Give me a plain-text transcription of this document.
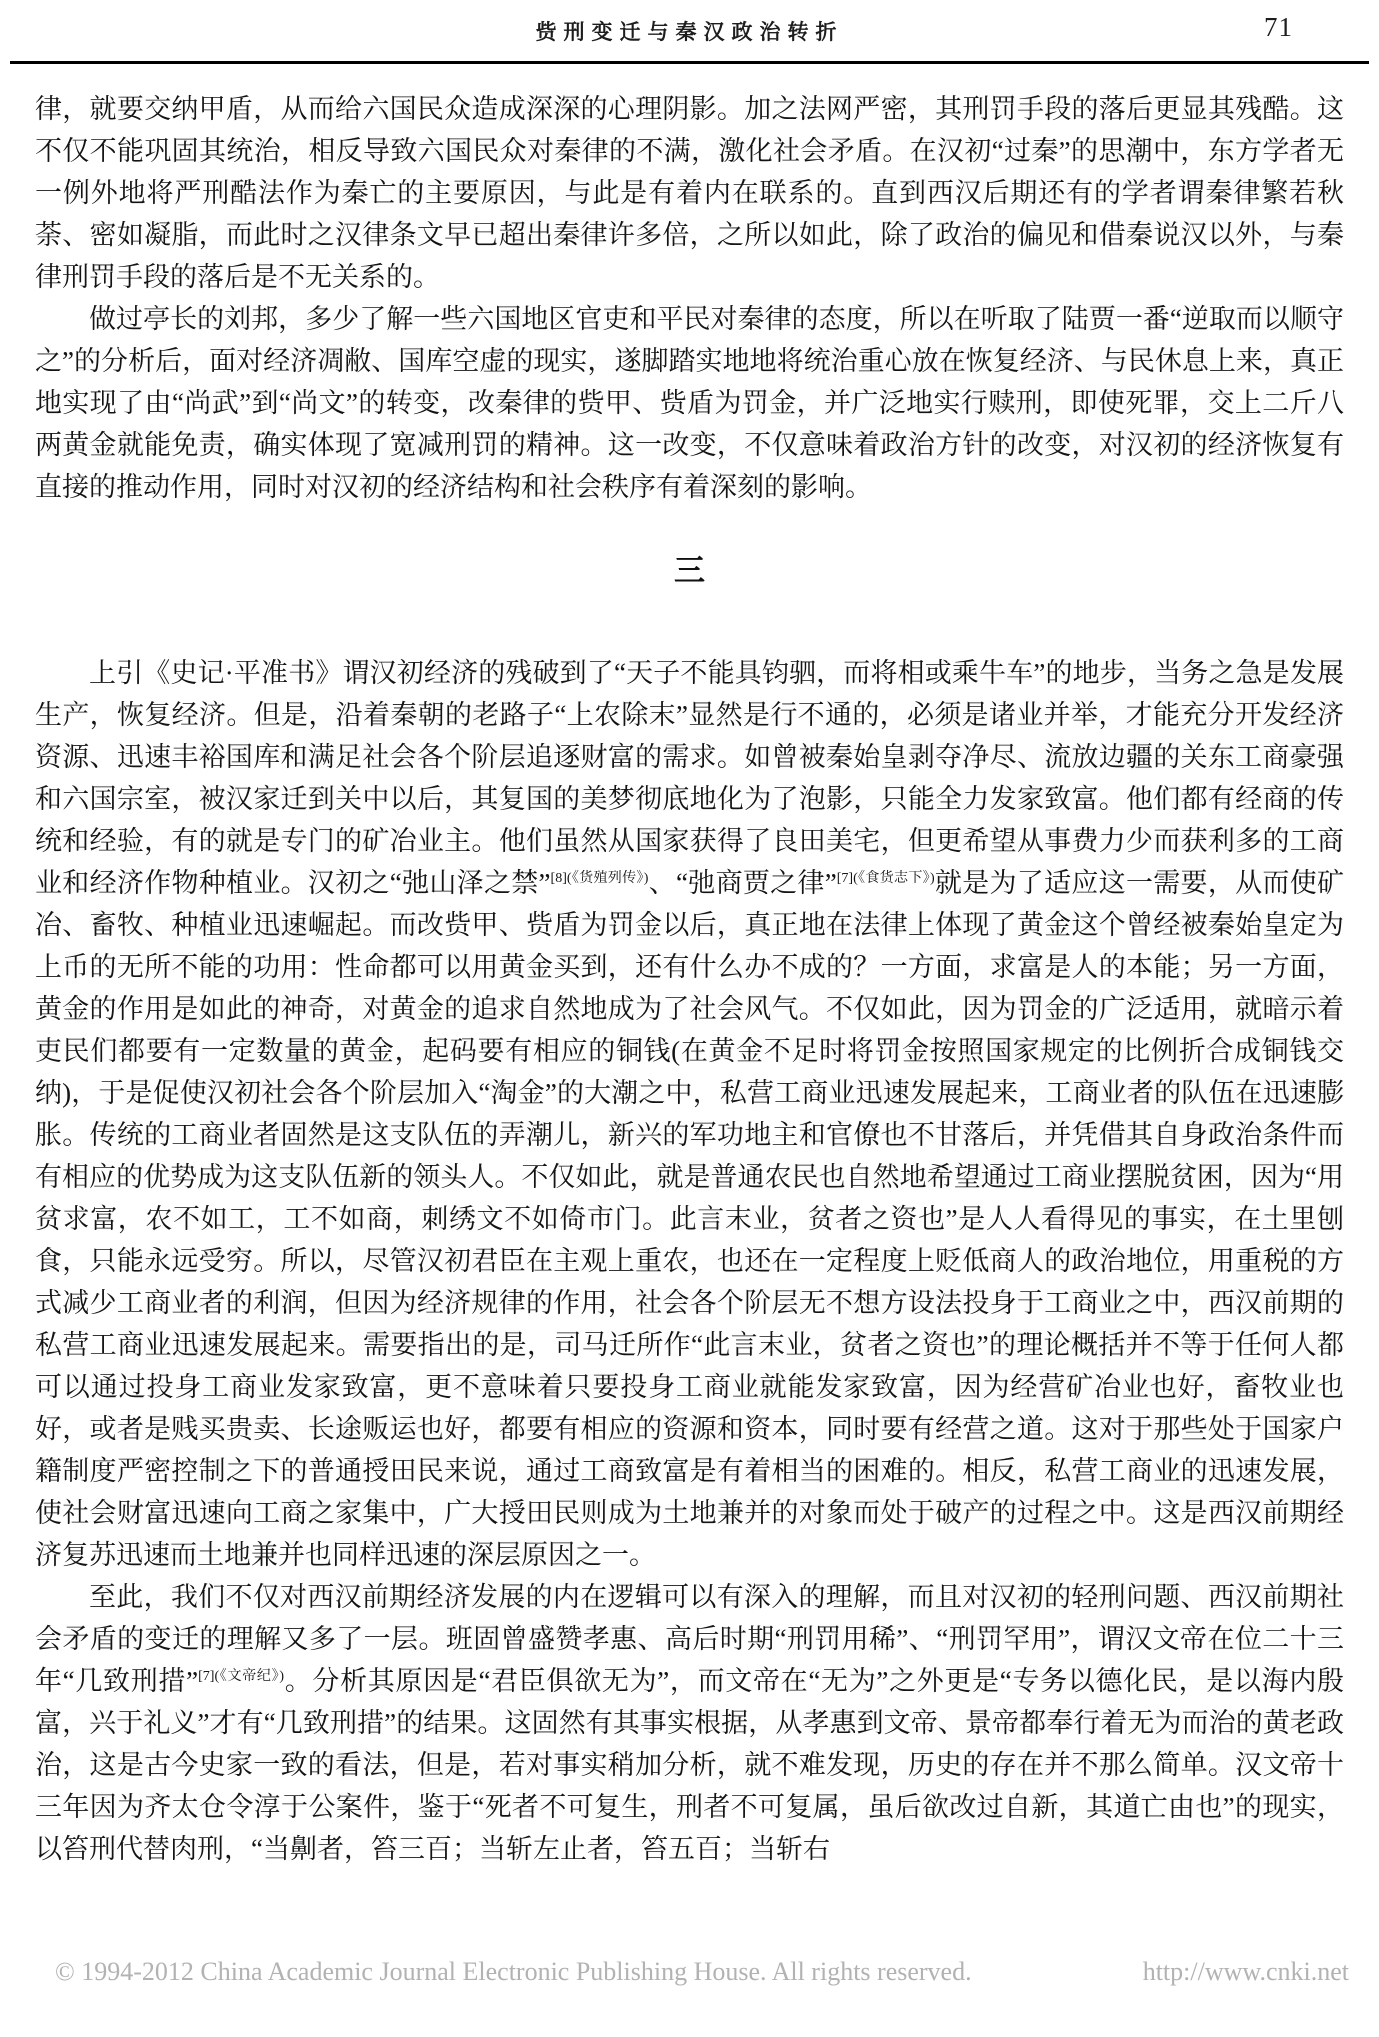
赀刑变迁与秦汉政治转折	71

律，就要交纳甲盾，从而给六国民众造成深深的心理阴影。加之法网严密，其刑罚手段的落后更显其残酷。这不仅不能巩固其统治，相反导致六国民众对秦律的不满，激化社会矛盾。在汉初“过秦”的思潮中，东方学者无一例外地将严刑酷法作为秦亡的主要原因，与此是有着内在联系的。直到西汉后期还有的学者谓秦律繁若秋荼、密如凝脂，而此时之汉律条文早已超出秦律许多倍，之所以如此，除了政治的偏见和借秦说汉以外，与秦律刑罚手段的落后是不无关系的。

做过亭长的刘邦，多少了解一些六国地区官吏和平民对秦律的态度，所以在听取了陆贾一番“逆取而以顺守之”的分析后，面对经济凋敝、国库空虚的现实，遂脚踏实地地将统治重心放在恢复经济、与民休息上来，真正地实现了由“尚武”到“尚文”的转变，改秦律的赀甲、赀盾为罚金，并广泛地实行赎刑，即使死罪，交上二斤八两黄金就能免责，确实体现了宽减刑罚的精神。这一改变，不仅意味着政治方针的改变，对汉初的经济恢复有直接的推动作用，同时对汉初的经济结构和社会秩序有着深刻的影响。

三

上引《史记·平准书》谓汉初经济的残破到了“天子不能具钧驷，而将相或乘牛车”的地步，当务之急是发展生产，恢复经济。但是，沿着秦朝的老路子“上农除末”显然是行不通的，必须是诸业并举，才能充分开发经济资源、迅速丰裕国库和满足社会各个阶层追逐财富的需求。如曾被秦始皇剥夺净尽、流放边疆的关东工商豪强和六国宗室，被汉家迁到关中以后，其复国的美梦彻底地化为了泡影，只能全力发家致富。他们都有经商的传统和经验，有的就是专门的矿冶业主。他们虽然从国家获得了良田美宅，但更希望从事费力少而获利多的工商业和经济作物种植业。汉初之“弛山泽之禁”$^{[8](《货殖列传》)}$、“弛商贾之律”$^{[7](《食货志下》)}$就是为了适应这一需要，从而使矿冶、畜牧、种植业迅速崛起。而改赀甲、赀盾为罚金以后，真正地在法律上体现了黄金这个曾经被秦始皇定为上币的无所不能的功用：性命都可以用黄金买到，还有什么办不成的？一方面，求富是人的本能；另一方面，黄金的作用是如此的神奇，对黄金的追求自然地成为了社会风气。不仅如此，因为罚金的广泛适用，就暗示着吏民们都要有一定数量的黄金，起码要有相应的铜钱(在黄金不足时将罚金按照国家规定的比例折合成铜钱交纳)，于是促使汉初社会各个阶层加入“淘金”的大潮之中，私营工商业迅速发展起来，工商业者的队伍在迅速膨胀。传统的工商业者固然是这支队伍的弄潮儿，新兴的军功地主和官僚也不甘落后，并凭借其自身政治条件而有相应的优势成为这支队伍新的领头人。不仅如此，就是普通农民也自然地希望通过工商业摆脱贫困，因为“用贫求富，农不如工，工不如商，刺绣文不如倚市门。此言末业，贫者之资也”是人人看得见的事实，在土里刨食，只能永远受穷。所以，尽管汉初君臣在主观上重农，也还在一定程度上贬低商人的政治地位，用重税的方式减少工商业者的利润，但因为经济规律的作用，社会各个阶层无不想方设法投身于工商业之中，西汉前期的私营工商业迅速发展起来。需要指出的是，司马迁所作“此言末业，贫者之资也”的理论概括并不等于任何人都可以通过投身工商业发家致富，更不意味着只要投身工商业就能发家致富，因为经营矿冶业也好，畜牧业也好，或者是贱买贵卖、长途贩运也好，都要有相应的资源和资本，同时要有经营之道。这对于那些处于国家户籍制度严密控制之下的普通授田民来说，通过工商致富是有着相当的困难的。相反，私营工商业的迅速发展，使社会财富迅速向工商之家集中，广大授田民则成为土地兼并的对象而处于破产的过程之中。这是西汉前期经济复苏迅速而土地兼并也同样迅速的深层原因之一。

至此，我们不仅对西汉前期经济发展的内在逻辑可以有深入的理解，而且对汉初的轻刑问题、西汉前期社会矛盾的变迁的理解又多了一层。班固曾盛赞孝惠、高后时期“刑罚用稀”、“刑罚罕用”，谓汉文帝在位二十三年“几致刑措”$^{[7](《文帝纪》)}$。分析其原因是“君臣俱欲无为”，而文帝在“无为”之外更是“专务以德化民，是以海内殷富，兴于礼义”才有“几致刑措”的结果。这固然有其事实根据，从孝惠到文帝、景帝都奉行着无为而治的黄老政治，这是古今史家一致的看法，但是，若对事实稍加分析，就不难发现，历史的存在并不那么简单。汉文帝十三年因为齐太仓令淳于公案件，鉴于“死者不可复生，刑者不可复属，虽后欲改过自新，其道亡由也”的现实，以笞刑代替肉刑，“当劓者，笞三百；当斩左止者，笞五百；当斩右

© 1994-2012 China Academic Journal Electronic Publishing House. All rights reserved.	http://www.cnki.net
